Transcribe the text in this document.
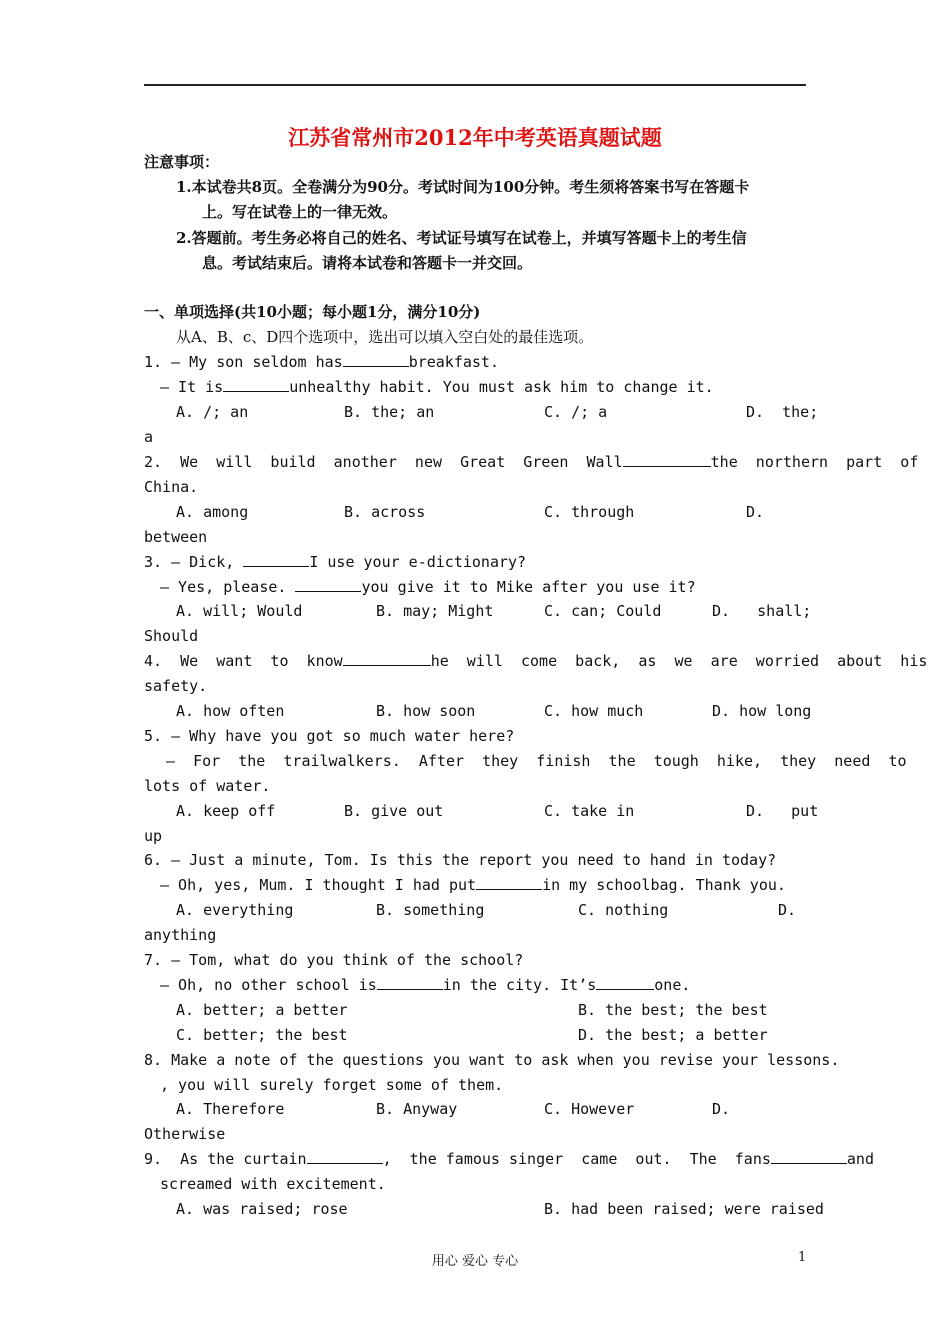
江苏省常州市2012年中考英语真题试题
注意事项：
1.本试卷共8页。全卷满分为90分。考试时间为100分钟。考生须将答案书写在答题卡
上。写在试卷上的一律无效。
2.答题前。考生务必将自己的姓名、考试证号填写在试卷上，并填写答题卡上的考生信
息。考试结束后。请将本试卷和答题卡一并交回。
一、单项选择(共10小题；每小题1分，满分10分)
从A、B、c、D四个选项中，选出可以填入空白处的最佳选项。
1. — My son seldom has	breakfast.
— It is	unhealthy habit. You must ask him to change it.
A. /; an	B. the; an	C. /; a	D.  the;
a
2.  We  will  build  another  new  Great  Green  Wall	the  northern  part  of
China.
A. among	B. across	C. through	D.
between
3. — Dick,	I use your e-dictionary?
— Yes, please.	you give it to Mike after you use it?
A. will; Would	B. may; Might	C. can; Could	D.   shall;
Should
4.  We  want  to  know	he  will  come  back,  as  we  are  worried  about  his
safety.
A. how often	B. how soon	C. how much	D. how long
5. — Why have you got so much water here?
—  For  the  trailwalkers.  After  they  finish  the  tough  hike,  they  need  to
lots of water.
A. keep off	B. give out	C. take in	D.   put
up
6. — Just a minute, Tom. Is this the report you need to hand in today?
— Oh, yes, Mum. I thought I had put	in my schoolbag. Thank you.
A. everything	B. something	C. nothing	D.
anything
7. — Tom, what do you think of the school?
— Oh, no other school is	in the city. It’s	one.
A. better; a better	B. the best; the best
C. better; the best	D. the best; a better
8. Make a note of the questions you want to ask when you revise your lessons.
, you will surely forget some of them.
A. Therefore	B. Anyway	C. However	D.
Otherwise
9.  As the curtain	,  the famous singer  came  out.  The  fans	and
screamed with excitement.
A. was raised; rose	B. had been raised; were raised
用心 爱心 专心	1
